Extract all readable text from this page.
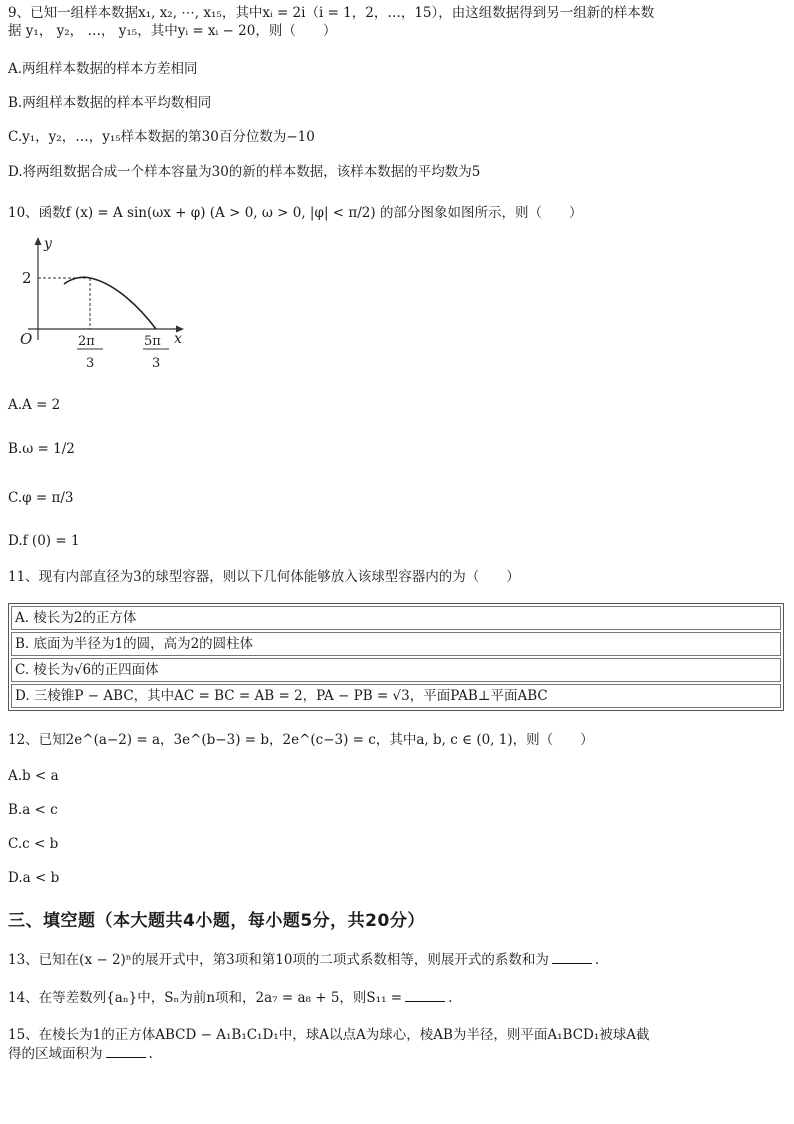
9、已知一组样本数据x₁, x₂, ⋯, x₁₅，其中xᵢ = 2i（i = 1，2，…，15），由这组数据得到另一组新的样本数
据 y₁， y₂， …， y₁₅，其中yᵢ = xᵢ − 20，则（　　）
A.两组样本数据的样本方差相同
B.两组样本数据的样本平均数相同
C.y₁，y₂，…，y₁₅样本数据的第30百分位数为−10
D.将两组数据合成一个样本容量为30的新的样本数据，该样本数据的平均数为5
10、函数f (x) = A sin(ωx + φ) (A > 0, ω > 0, |φ| < π/2) 的部分图象如图所示，则（　　）
y
x
O
2
2π
3
5π
3
A.A = 2
B.ω = 1/2
C.φ = π/3
D.f (0) = 1
11、现有内部直径为3的球型容器，则以下几何体能够放入该球型容器内的为（　　）
A. 棱长为2的正方体
B. 底面为半径为1的圆，高为2的圆柱体
C. 棱长为√6的正四面体
D. 三棱锥P − ABC，其中AC = BC = AB = 2，PA − PB = √3，平面PAB⊥平面ABC
12、已知2e^(a−2) = a，3e^(b−3) = b，2e^(c−3) = c，其中a, b, c ∈ (0, 1)，则（　　）
A.b < a
B.a < c
C.c < b
D.a < b
三、填空题（本大题共4小题，每小题5分，共20分）
13、已知在(x − 2)ⁿ的展开式中，第3项和第10项的二项式系数相等，则展开式的系数和为	.
14、在等差数列{aₙ}中，Sₙ为前n项和，2a₇ = a₈ + 5，则S₁₁ =	.
15、在棱长为1的正方体ABCD − A₁B₁C₁D₁中，球A以点A为球心，棱AB为半径，则平面A₁BCD₁被球A截
得的区域面积为	.
